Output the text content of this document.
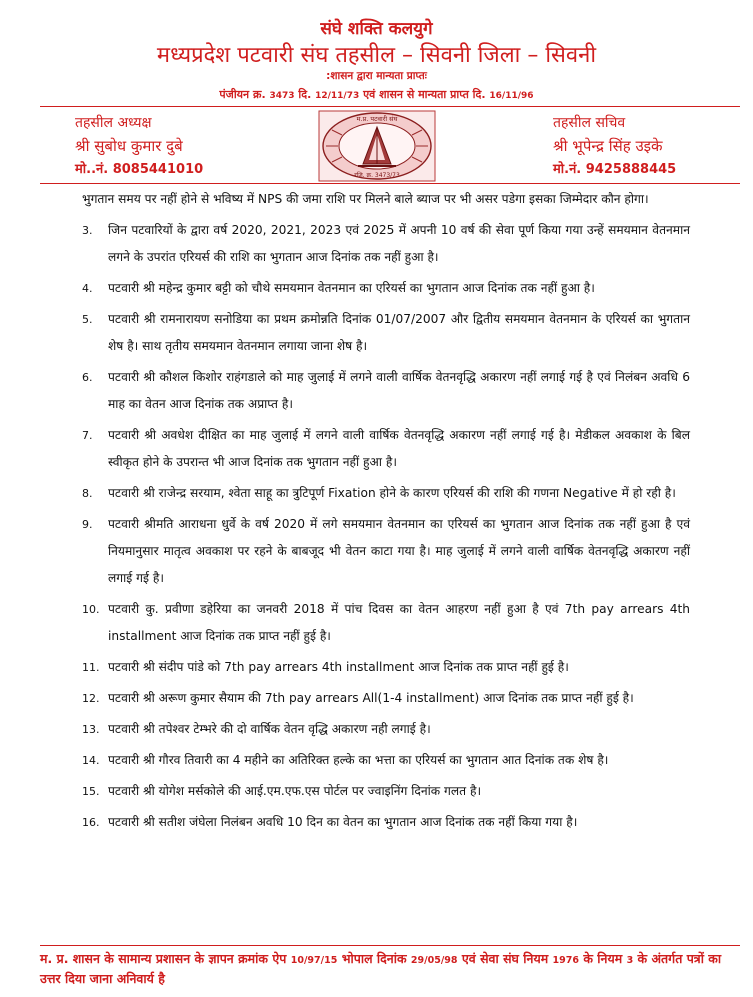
संघे शक्ति कलयुगे
मध्यप्रदेश पटवारी संघ तहसील – सिवनी जिला – सिवनी
:शासन द्वारा मान्यता प्राप्तः
पंजीयन क्र. 3473 दि. 12/11/73 एवं शासन से मान्यता प्राप्त दि. 16/11/96
तहसील अध्यक्ष
श्री सुबोध कुमार दुबे
मो..नं. 8085441010
म.प्र. पटवारी संघ
रजि. क्र. 3473/73
तहसील सचिव
श्री भूपेन्द्र सिंह उइके
मो.नं. 9425888445
भुगतान समय पर नहीं होने से भविष्य में NPS की जमा राशि पर मिलने बाले ब्याज पर भी असर पडेगा इसका जिम्मेदार कौन होगा।
3.	जिन पटवारियों के द्वारा वर्ष 2020, 2021, 2023 एवं 2025 में अपनी 10 वर्ष की सेवा पूर्ण किया गया उन्हें समयमान वेतनमान लगने के उपरांत एरियर्स की राशि का भुगतान आज दिनांक तक नहीं हुआ है।
4.	पटवारी श्री महेन्द्र कुमार बट्टी को चौथे समयमान वेतनमान का एरियर्स का भुगतान आज दिनांक तक नहीं हुआ है।
5.	पटवारी श्री रामनारायण सनोडिया का प्रथम क्रमोन्नति दिनांक 01/07/2007 और द्वितीय समयमान वेतनमान के एरियर्स का भुगतान शेष है। साथ तृतीय समयमान वेतनमान लगाया जाना शेष है।
6.	पटवारी श्री कौशल किशोर राहंगडाले को माह जुलाई में लगने वाली वार्षिक वेतनवृद्धि अकारण नहीं लगाई गई है एवं निलंबन अवधि 6 माह का वेतन आज दिनांक तक अप्राप्त है।
7.	पटवारी श्री अवधेश दीक्षित का माह जुलाई में लगने वाली वार्षिक वेतनवृद्धि अकारण नहीं लगाई गई है। मेडीकल अवकाश के बिल स्वीकृत होने के उपरान्त भी आज दिनांक तक भुगतान नहीं हुआ है।
8.	पटवारी श्री राजेन्द्र सरयाम, श्वेता साहू का त्रुटिपूर्ण Fixation होने के कारण एरियर्स की राशि की गणना Negative में हो रही है।
9.	पटवारी श्रीमति आराधना धुर्वे के वर्ष 2020 में लगे समयमान वेतनमान का एरियर्स का भुगतान आज दिनांक तक नहीं हुआ है एवं नियमानुसार मातृत्व अवकाश पर रहने के बाबजूद भी वेतन काटा गया है। माह जुलाई में लगने वाली वार्षिक वेतनवृद्धि अकारण नहीं लगाई गई है।
10. पटवारी कु. प्रवीणा डहेरिया का जनवरी 2018 में पांच दिवस का वेतन आहरण नहीं हुआ है एवं 7th pay arrears 4th installment आज दिनांक तक प्राप्त नहीं हुई है।
11. पटवारी श्री संदीप पांडे को 7th pay arrears 4th installment आज दिनांक तक प्राप्त नहीं हुई है।
12. पटवारी श्री अरूण कुमार सैयाम की 7th pay arrears All(1-4 installment) आज दिनांक तक प्राप्त नहीं हुई है।
13. पटवारी श्री तपेश्वर टेम्भरे की दो वार्षिक वेतन वृद्धि अकारण नही लगाई है।
14. पटवारी श्री गौरव तिवारी का 4 महीने का अतिरिक्त हल्के का भत्ता का एरियर्स का भुगतान आत दिनांक तक शेष है।
15. पटवारी श्री योगेश मर्सकोले की आई.एम.एफ.एस पोर्टल पर ज्वाइनिंग दिनांक गलत है।
16. पटवारी श्री सतीश जंघेला निलंबन अवधि 10 दिन का वेतन का भुगतान आज दिनांक तक नहीं किया गया है।
म. प्र. शासन के सामान्य प्रशासन के ज्ञापन क्रमांक ऐप 10/97/15 भोपाल दिनांक 29/05/98 एवं सेवा संघ नियम 1976 के नियम 3 के अंतर्गत पत्रों का उत्तर दिया जाना अनिवार्य है
